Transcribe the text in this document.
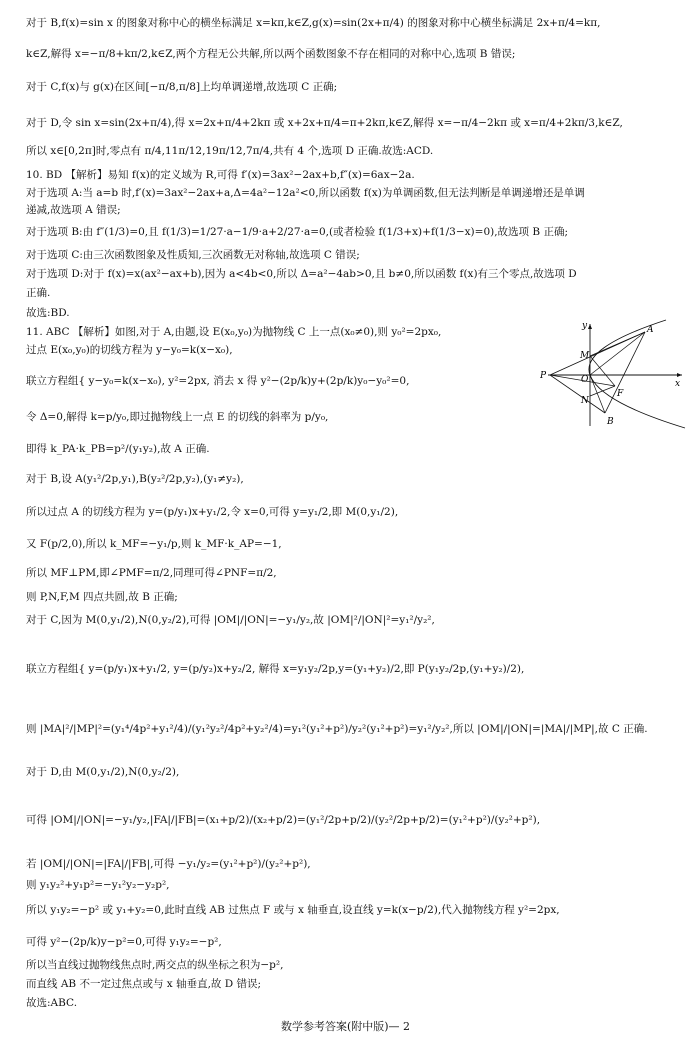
对于 B,f(x)=sin x 的图象对称中心的横坐标满足 x=kπ,k∈Z,g(x)=sin(2x+π/4) 的图象对称中心横坐标满足 2x+π/4=kπ,
k∈Z,解得 x=−π/8+kπ/2,k∈Z,两个方程无公共解,所以两个函数图象不存在相同的对称中心,选项 B 错误;
对于 C,f(x)与 g(x)在区间[−π/8,π/8]上均单调递增,故选项 C 正确;
对于 D,令 sin x=sin(2x+π/4),得 x=2x+π/4+2kπ 或 x+2x+π/4=π+2kπ,k∈Z,解得 x=−π/4−2kπ 或 x=π/4+2kπ/3,k∈Z,
所以 x∈[0,2π]时,零点有 π/4,11π/12,19π/12,7π/4,共有 4 个,选项 D 正确.故选:ACD.
10. BD 【解析】易知 f(x)的定义域为 R,可得 f′(x)=3ax²−2ax+b,f″(x)=6ax−2a.
对于选项 A:当 a=b 时,f′(x)=3ax²−2ax+a,Δ=4a²−12a²<0,所以函数 f(x)为单调函数,但无法判断是单调递增还是单调
递减,故选项 A 错误;
对于选项 B:由 f″(1/3)=0,且 f(1/3)=1/27·a−1/9·a+2/27·a=0,(或者检验 f(1/3+x)+f(1/3−x)=0),故选项 B 正确;
对于选项 C:由三次函数图象及性质知,三次函数无对称轴,故选项 C 错误;
对于选项 D:对于 f(x)=x(ax²−ax+b),因为 a<4b<0,所以 Δ=a²−4ab>0,且 b≠0,所以函数 f(x)有三个零点,故选项 D
正确.
故选:BD.
11. ABC 【解析】如图,对于 A,由题,设 E(x₀,y₀)为抛物线 C 上一点(x₀≠0),则 y₀²=2px₀,
过点 E(x₀,y₀)的切线方程为 y−y₀=k(x−x₀),
联立方程组{ y−y₀=k(x−x₀), y²=2px, 消去 x 得 y²−(2p/k)y+(2p/k)y₀−y₀²=0,
令 Δ=0,解得 k=p/y₀,即过抛物线上一点 E 的切线的斜率为 p/y₀,
即得 k_PA·k_PB=p²/(y₁y₂),故 A 正确.
对于 B,设 A(y₁²/2p,y₁),B(y₂²/2p,y₂),(y₁≠y₂),
所以过点 A 的切线方程为 y=(p/y₁)x+y₁/2,令 x=0,可得 y=y₁/2,即 M(0,y₁/2),
又 F(p/2,0),所以 k_MF=−y₁/p,则 k_MF·k_AP=−1,
所以 MF⊥PM,即∠PMF=π/2,同理可得∠PNF=π/2,
则 P,N,F,M 四点共圆,故 B 正确;
对于 C,因为 M(0,y₁/2),N(0,y₂/2),可得 |OM|/|ON|=−y₁/y₂,故 |OM|²/|ON|²=y₁²/y₂²,
联立方程组{ y=(p/y₁)x+y₁/2, y=(p/y₂)x+y₂/2, 解得 x=y₁y₂/2p,y=(y₁+y₂)/2,即 P(y₁y₂/2p,(y₁+y₂)/2),
则 |MA|²/|MP|²=(y₁⁴/4p²+y₁²/4)/(y₁²y₂²/4p²+y₂²/4)=y₁²(y₁²+p²)/y₂²(y₁²+p²)=y₁²/y₂²,所以 |OM|/|ON|=|MA|/|MP|,故 C 正确.
对于 D,由 M(0,y₁/2),N(0,y₂/2),
可得 |OM|/|ON|=−y₁/y₂,|FA|/|FB|=(x₁+p/2)/(x₂+p/2)=(y₁²/2p+p/2)/(y₂²/2p+p/2)=(y₁²+p²)/(y₂²+p²),
若 |OM|/|ON|=|FA|/|FB|,可得 −y₁/y₂=(y₁²+p²)/(y₂²+p²),
则 y₁y₂²+y₁p²=−y₁²y₂−y₂p²,
所以 y₁y₂=−p² 或 y₁+y₂=0,此时直线 AB 过焦点 F 或与 x 轴垂直,设直线 y=k(x−p/2),代入抛物线方程 y²=2px,
可得 y²−(2p/k)y−p²=0,可得 y₁y₂=−p²,
所以当直线过抛物线焦点时,两交点的纵坐标之积为−p²,
而直线 AB 不一定过焦点或与 x 轴垂直,故 D 错误;
故选:ABC.
y
x
A
M
P	O
N
F
B
数学参考答案(附中版)— 2
